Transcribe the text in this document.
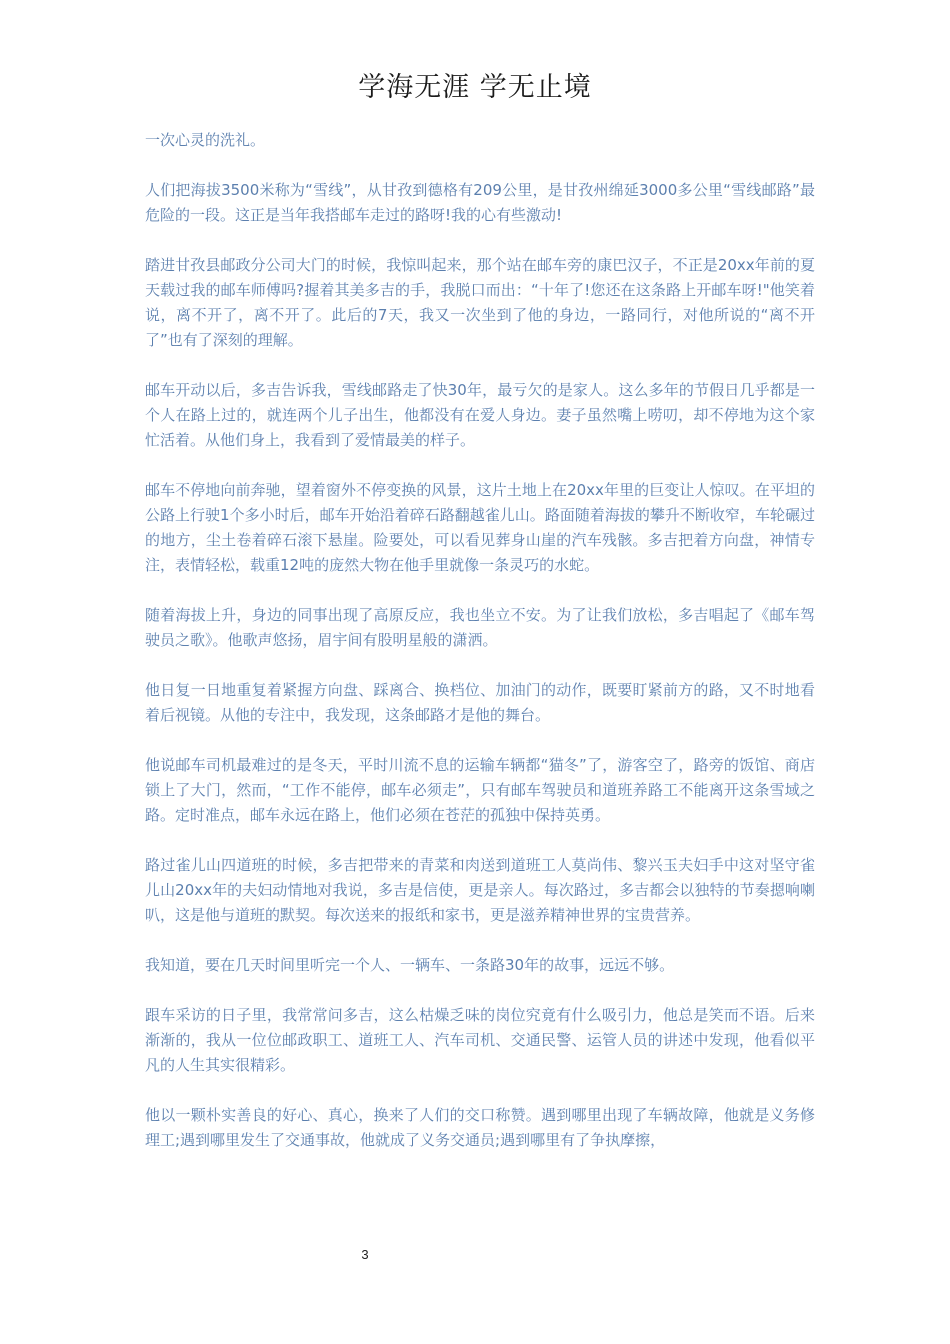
学海无涯 学无止境

一次心灵的洗礼。

人们把海拔3500米称为“雪线”，从甘孜到德格有209公里，是甘孜州绵延3000多公里“雪线邮路”最危险的一段。这正是当年我搭邮车走过的路呀!我的心有些激动!

踏进甘孜县邮政分公司大门的时候，我惊叫起来，那个站在邮车旁的康巴汉子，不正是20xx年前的夏天载过我的邮车师傅吗?握着其美多吉的手，我脱口而出：“十年了!您还在这条路上开邮车呀!"他笑着说，离不开了，离不开了。此后的7天，我又一次坐到了他的身边，一路同行，对他所说的“离不开了”也有了深刻的理解。

邮车开动以后，多吉告诉我，雪线邮路走了快30年，最亏欠的是家人。这么多年的节假日几乎都是一个人在路上过的，就连两个儿子出生，他都没有在爱人身边。妻子虽然嘴上唠叨，却不停地为这个家忙活着。从他们身上，我看到了爱情最美的样子。

邮车不停地向前奔驰，望着窗外不停变换的风景，这片土地上在20xx年里的巨变让人惊叹。在平坦的公路上行驶1个多小时后，邮车开始沿着碎石路翻越雀儿山。路面随着海拔的攀升不断收窄，车轮碾过的地方，尘土卷着碎石滚下悬崖。险要处，可以看见葬身山崖的汽车残骸。多吉把着方向盘，神情专注，表情轻松，载重12吨的庞然大物在他手里就像一条灵巧的水蛇。

随着海拔上升，身边的同事出现了高原反应，我也坐立不安。为了让我们放松，多吉唱起了《邮车驾驶员之歌》。他歌声悠扬，眉宇间有股明星般的潇洒。

他日复一日地重复着紧握方向盘、踩离合、换档位、加油门的动作，既要盯紧前方的路，又不时地看着后视镜。从他的专注中，我发现，这条邮路才是他的舞台。

他说邮车司机最难过的是冬天，平时川流不息的运输车辆都“猫冬”了，游客空了，路旁的饭馆、商店锁上了大门，然而，“工作不能停，邮车必须走”，只有邮车驾驶员和道班养路工不能离开这条雪域之路。定时准点，邮车永远在路上，他们必须在苍茫的孤独中保持英勇。

路过雀儿山四道班的时候，多吉把带来的青菜和肉送到道班工人莫尚伟、黎兴玉夫妇手中这对坚守雀儿山20xx年的夫妇动情地对我说，多吉是信使，更是亲人。每次路过，多吉都会以独特的节奏摁响喇叭，这是他与道班的默契。每次送来的报纸和家书，更是滋养精神世界的宝贵营养。

我知道，要在几天时间里听完一个人、一辆车、一条路30年的故事，远远不够。

跟车采访的日子里，我常常问多吉，这么枯燥乏味的岗位究竟有什么吸引力，他总是笑而不语。后来渐渐的，我从一位位邮政职工、道班工人、汽车司机、交通民警、运管人员的讲述中发现，他看似平凡的人生其实很精彩。

他以一颗朴实善良的好心、真心，换来了人们的交口称赞。遇到哪里出现了车辆故障，他就是义务修理工;遇到哪里发生了交通事故，他就成了义务交通员;遇到哪里有了争执摩擦，

3
